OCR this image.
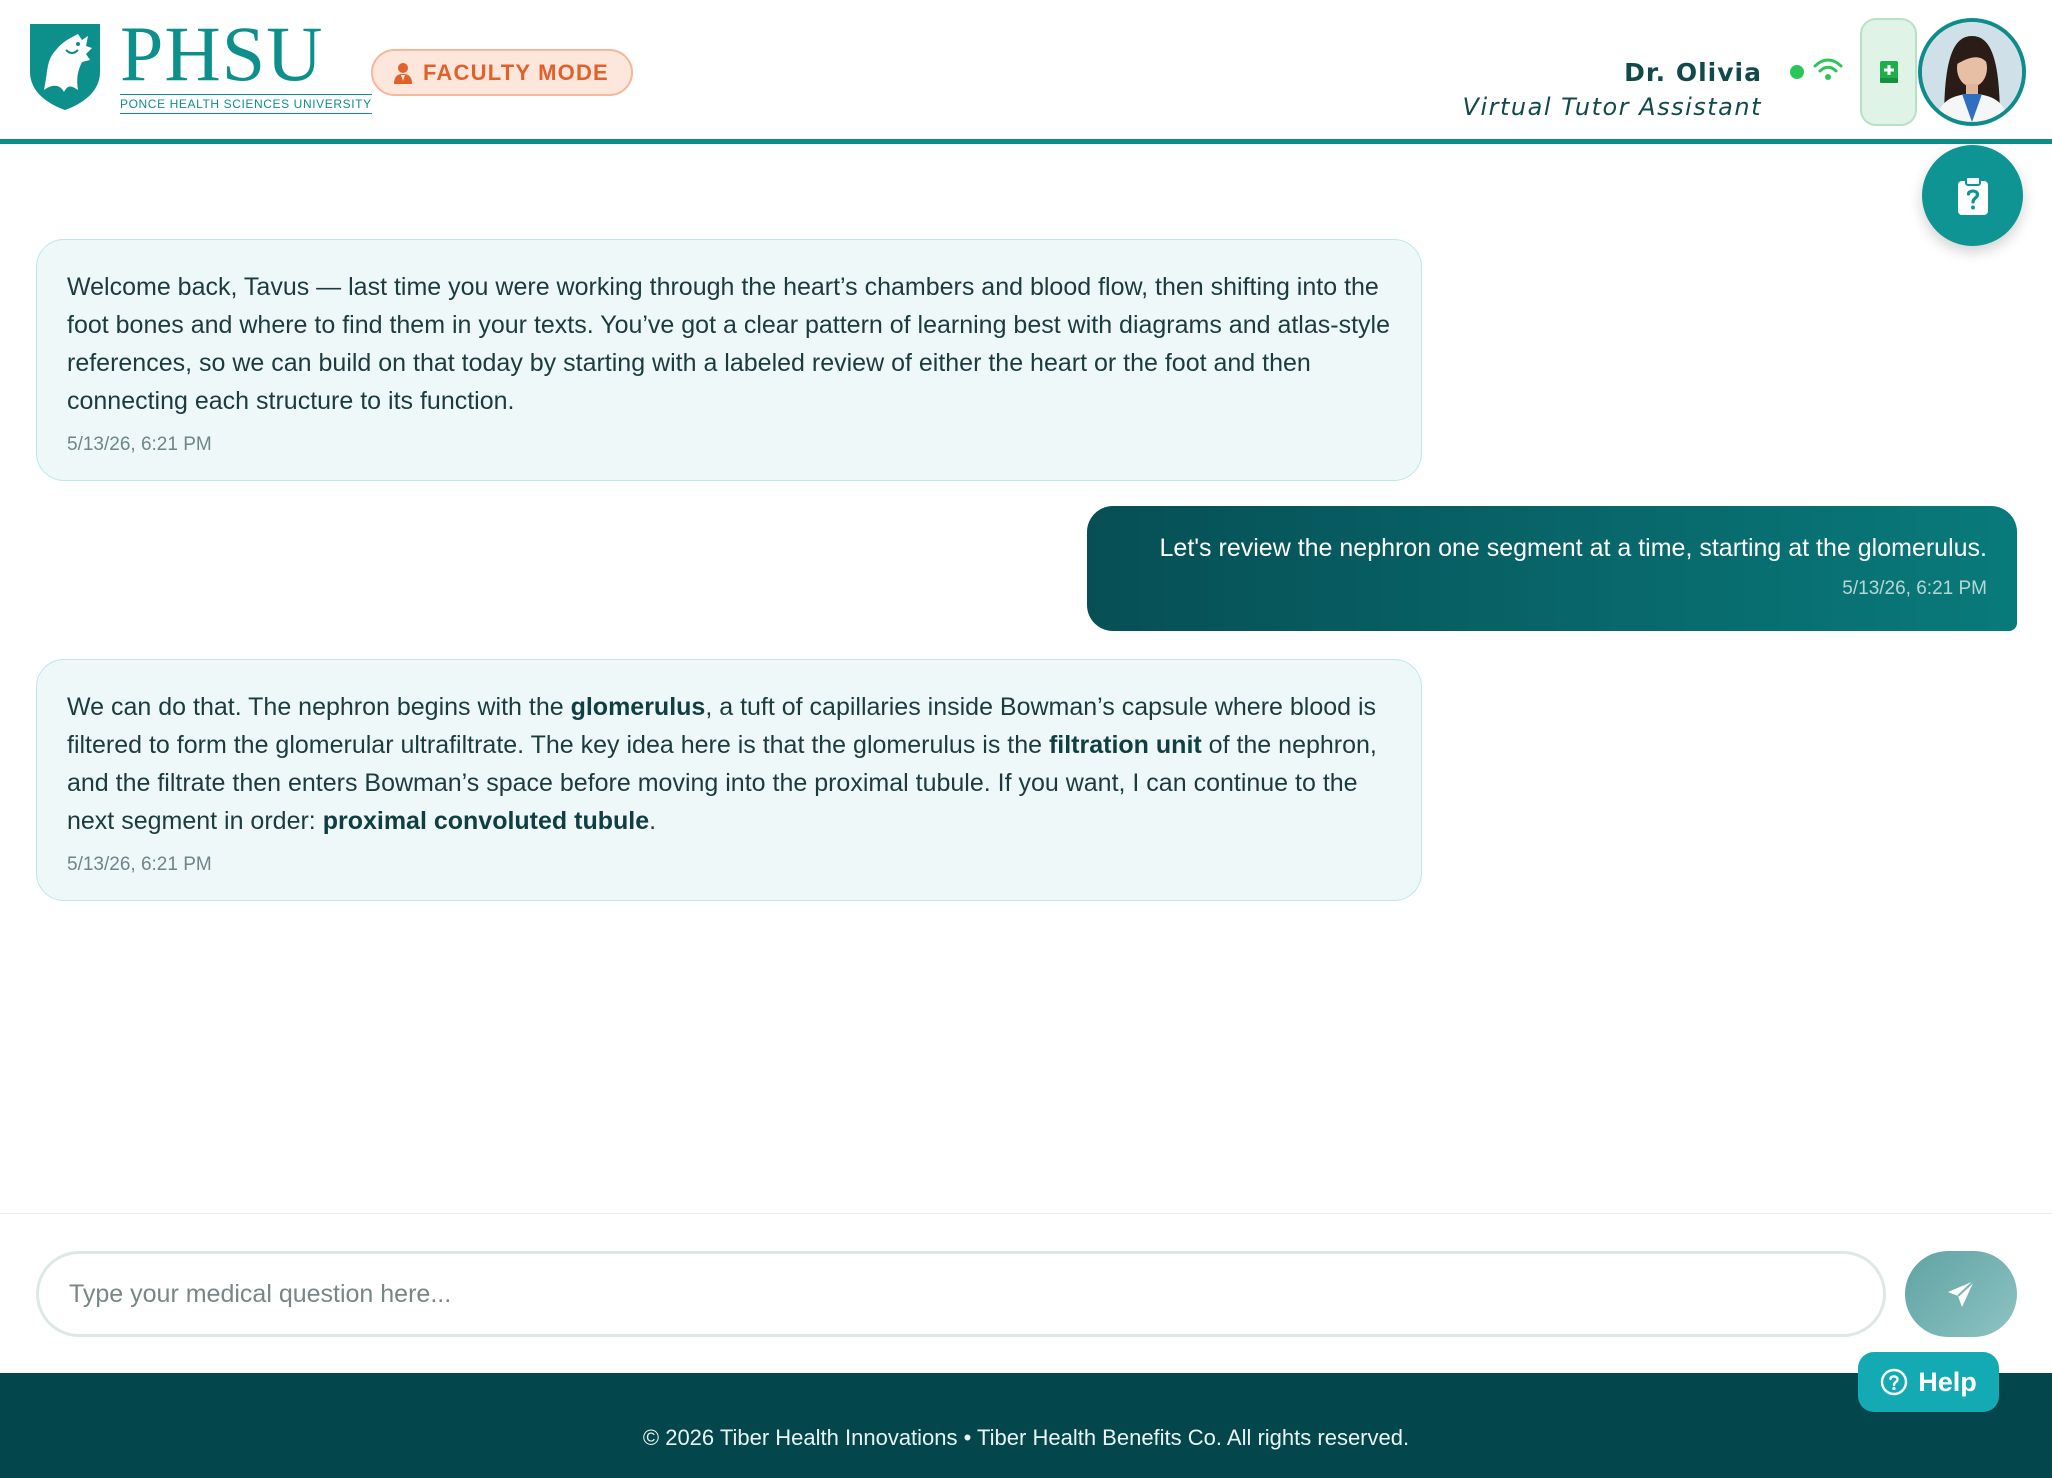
PHSU
PONCE HEALTH SCIENCES UNIVERSITY
FACULTY MODE	Dr. Olivia
Virtual Tutor Assistant
Welcome back, Tavus — last time you were working through the heart’s chambers and blood flow, then shifting into the foot bones and where to find them in your texts. You’ve got a clear pattern of learning best with diagrams and atlas-style references, so we can build on that today by starting with a labeled review of either the heart or the foot and then connecting each structure to its function.
5/13/26, 6:21 PM
Let's review the nephron one segment at a time, starting at the glomerulus.
5/13/26, 6:21 PM
We can do that. The nephron begins with the glomerulus, a tuft of capillaries inside Bowman’s capsule where blood is filtered to form the glomerular ultrafiltrate. The key idea here is that the glomerulus is the filtration unit of the nephron, and the filtrate then enters Bowman’s space before moving into the proximal tubule. If you want, I can continue to the next segment in order: proximal convoluted tubule.
5/13/26, 6:21 PM
Type your medical question here...
© 2026 Tiber Health Innovations • Tiber Health Benefits Co. All rights reserved.
Help
